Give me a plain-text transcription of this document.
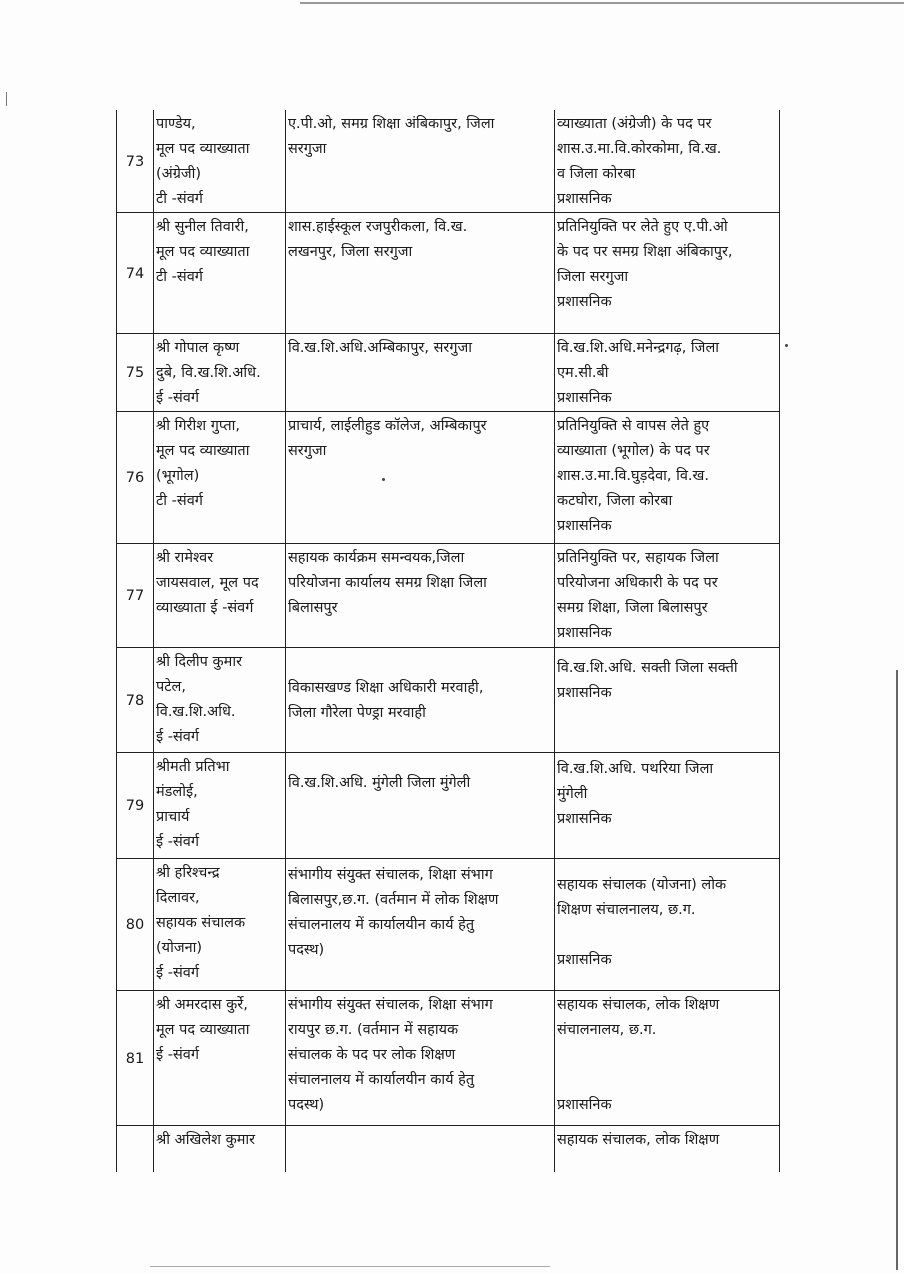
73	पाण्डेय,
मूल पद व्याख्याता
(अंग्रेजी)
टी -संवर्ग	ए.पी.ओ, समग्र शिक्षा अंबिकापुर, जिला
सरगुजा	व्याख्याता (अंग्रेजी) के पद पर
शास.उ.मा.वि.कोरकोमा, वि.ख.
व जिला कोरबा
प्रशासनिक

74	श्री सुनील तिवारी,
मूल पद व्याख्याता
टी -संवर्ग	शास.हाईस्कूल रजपुरीकला, वि.ख.
लखनपुर, जिला सरगुजा	प्रतिनियुक्ति पर लेते हुए ए.पी.ओ
के पद पर समग्र शिक्षा अंबिकापुर,
जिला सरगुजा
प्रशासनिक

75	श्री गोपाल कृष्ण
दुबे, वि.ख.शि.अधि.
ई -संवर्ग	वि.ख.शि.अधि.अम्बिकापुर, सरगुजा	वि.ख.शि.अधि.मनेन्द्रगढ़, जिला
एम.सी.बी
प्रशासनिक

76	श्री गिरीश गुप्ता,
मूल पद व्याख्याता
(भूगोल)
टी -संवर्ग	प्राचार्य, लाईलीहुड कॉलेज, अम्बिकापुर
सरगुजा	प्रतिनियुक्ति से वापस लेते हुए
व्याख्याता (भूगोल) के पद पर
शास.उ.मा.वि.घुड़देवा, वि.ख.
कटघोरा, जिला कोरबा
प्रशासनिक

77	श्री रामेश्वर
जायसवाल, मूल पद
व्याख्याता ई -संवर्ग	सहायक कार्यक्रम समन्वयक,जिला
परियोजना कार्यालय समग्र शिक्षा जिला
बिलासपुर	प्रतिनियुक्ति पर, सहायक जिला
परियोजना अधिकारी के पद पर
समग्र शिक्षा, जिला बिलासपुर
प्रशासनिक

78	श्री दिलीप कुमार
पटेल,
वि.ख.शि.अधि.
ई -संवर्ग	विकासखण्ड शिक्षा अधिकारी मरवाही,
जिला गौरेला पेण्ड्रा मरवाही	वि.ख.शि.अधि. सक्ती जिला सक्ती
प्रशासनिक

79	श्रीमती प्रतिभा
मंडलोई,
प्राचार्य
ई -संवर्ग	वि.ख.शि.अधि. मुंगेली जिला मुंगेली	वि.ख.शि.अधि. पथरिया जिला
मुंगेली
प्रशासनिक

80	श्री हरिश्चन्द्र
दिलावर,
सहायक संचालक
(योजना)
ई -संवर्ग	संभागीय संयुक्त संचालक, शिक्षा संभाग
बिलासपुर,छ.ग. (वर्तमान में लोक शिक्षण
संचालनालय में कार्यालयीन कार्य हेतु
पदस्थ)	सहायक संचालक (योजना) लोक
शिक्षण संचालनालय, छ.ग.

प्रशासनिक

81	श्री अमरदास कुर्रे,
मूल पद व्याख्याता
ई -संवर्ग	संभागीय संयुक्त संचालक, शिक्षा संभाग
रायपुर छ.ग. (वर्तमान में सहायक
संचालक के पद पर लोक शिक्षण
संचालनालय में कार्यालयीन कार्य हेतु
पदस्थ)	सहायक संचालक, लोक शिक्षण
संचालनालय, छ.ग.

प्रशासनिक

	श्री अखिलेश कुमार		सहायक संचालक, लोक शिक्षण
